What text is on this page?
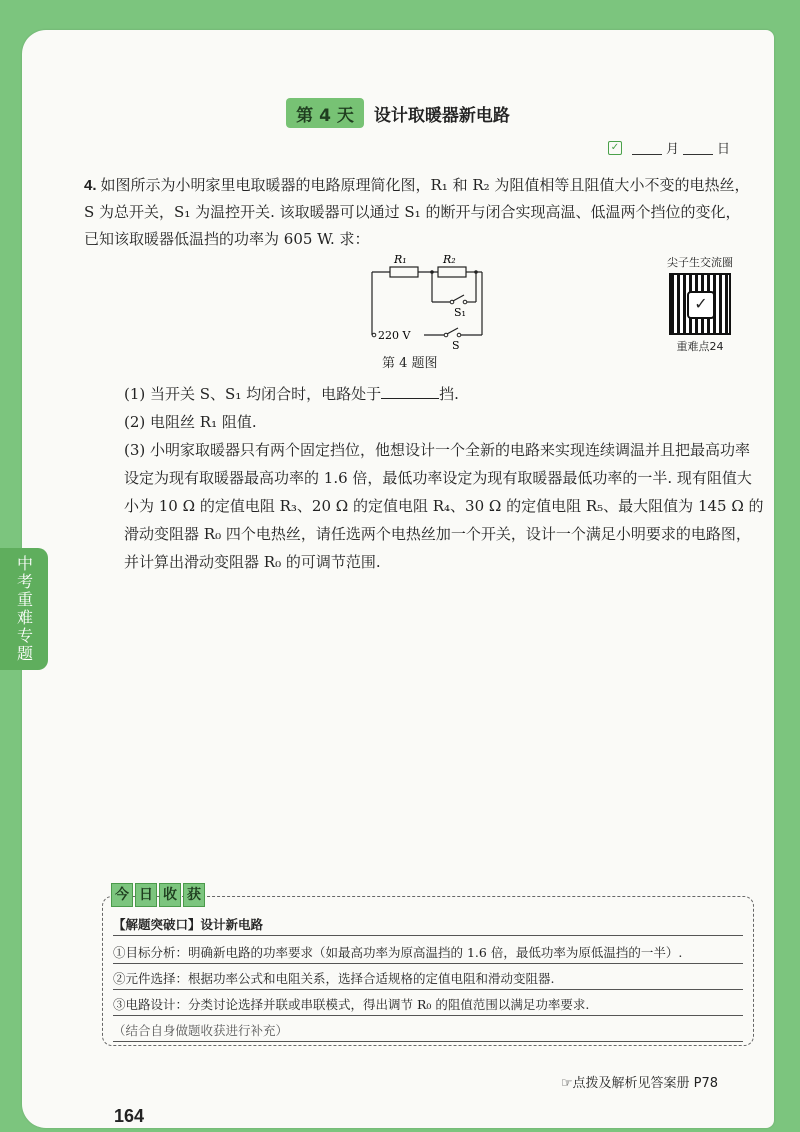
第 4 天 设计取暖器新电路
✓	月	日
4. 如图所示为小明家里电取暖器的电路原理简化图，R₁ 和 R₂ 为阻值相等且阻值大小不变的电热丝，S 为总开关，S₁ 为温控开关. 该取暖器可以通过 S₁ 的断开与闭合实现高温、低温两个挡位的变化，已知该取暖器低温挡的功率为 605 W. 求：
R₁	R₂
S₁
220 V
S
第 4 题图
尖子生交流圈
✓
重难点24
(1) 当开关 S、S₁ 均闭合时，电路处于	挡.
(2) 电阻丝 R₁ 阻值.
(3) 小明家取暖器只有两个固定挡位，他想设计一个全新的电路来实现连续调温并且把最高功率设定为现有取暖器最高功率的 1.6 倍，最低功率设定为现有取暖器最低功率的一半. 现有阻值大小为 10 Ω 的定值电阻 R₃、20 Ω 的定值电阻 R₄、30 Ω 的定值电阻 R₅、最大阻值为 145 Ω 的滑动变阻器 R₀ 四个电热丝，请任选两个电热丝加一个开关，设计一个满足小明要求的电路图，并计算出滑动变阻器 R₀ 的可调节范围.
今 日 收 获
【解题突破口】设计新电路
①目标分析：明确新电路的功率要求（如最高功率为原高温挡的 1.6 倍，最低功率为原低温挡的一半）.
②元件选择：根据功率公式和电阻关系，选择合适规格的定值电阻和滑动变阻器.
③电路设计：分类讨论选择并联或串联模式，得出调节 R₀ 的阻值范围以满足功率要求.
（结合自身做题收获进行补充）
☞点拨及解析见答案册 P78
164
中考重难专题
